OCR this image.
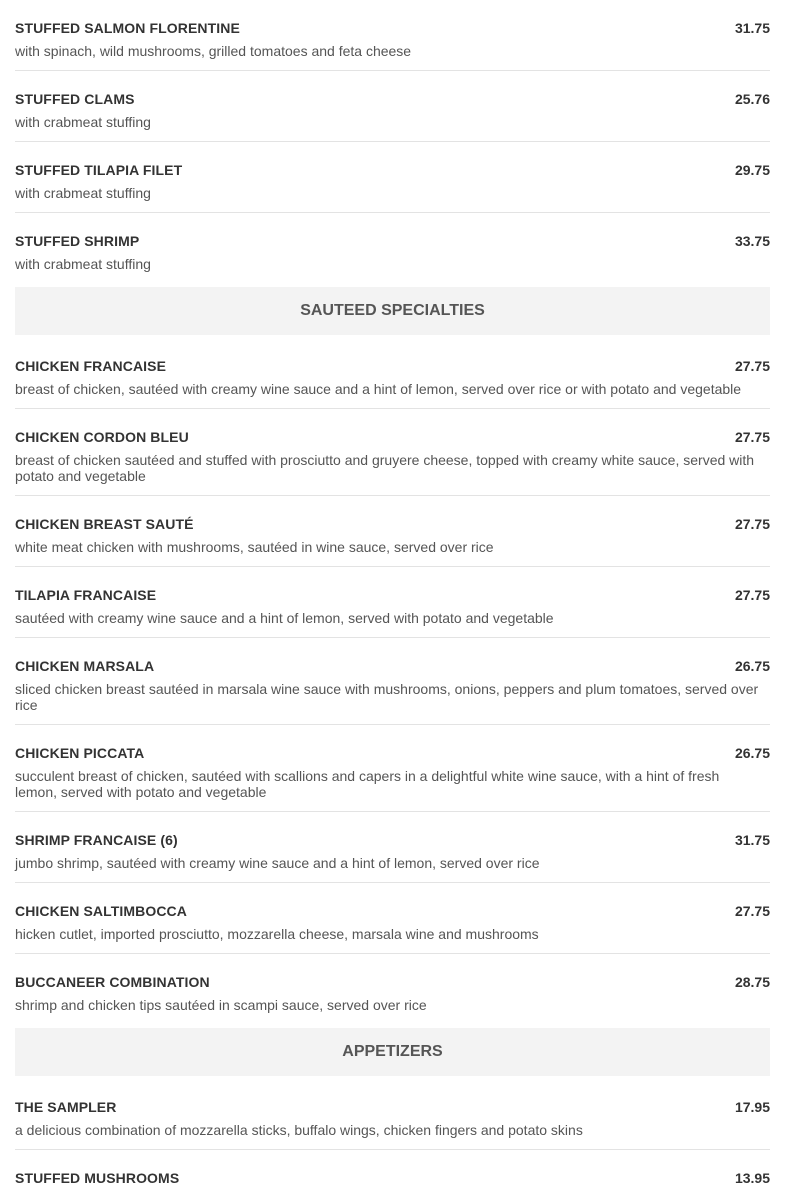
STUFFED SALMON FLORENTINE	31.75
with spinach, wild mushrooms, grilled tomatoes and feta cheese
STUFFED CLAMS	25.76
with crabmeat stuffing
STUFFED TILAPIA FILET	29.75
with crabmeat stuffing
STUFFED SHRIMP	33.75
with crabmeat stuffing
SAUTEED SPECIALTIES
CHICKEN FRANCAISE	27.75
breast of chicken, sautéed with creamy wine sauce and a hint of lemon, served over rice or with potato and vegetable
CHICKEN CORDON BLEU	27.75
breast of chicken sautéed and stuffed with prosciutto and gruyere cheese, topped with creamy white sauce, served with potato and vegetable
CHICKEN BREAST SAUTÉ	27.75
white meat chicken with mushrooms, sautéed in wine sauce, served over rice
TILAPIA FRANCAISE	27.75
sautéed with creamy wine sauce and a hint of lemon, served with potato and vegetable
CHICKEN MARSALA	26.75
sliced chicken breast sautéed in marsala wine sauce with mushrooms, onions, peppers and plum tomatoes, served over rice
CHICKEN PICCATA	26.75
succulent breast of chicken, sautéed with scallions and capers in a delightful white wine sauce, with a hint of fresh lemon, served with potato and vegetable
SHRIMP FRANCAISE (6)	31.75
jumbo shrimp, sautéed with creamy wine sauce and a hint of lemon, served over rice
CHICKEN SALTIMBOCCA	27.75
hicken cutlet, imported prosciutto, mozzarella cheese, marsala wine and mushrooms
BUCCANEER COMBINATION	28.75
shrimp and chicken tips sautéed in scampi sauce, served over rice
APPETIZERS
THE SAMPLER	17.95
a delicious combination of mozzarella sticks, buffalo wings, chicken fingers and potato skins
STUFFED MUSHROOMS	13.95
